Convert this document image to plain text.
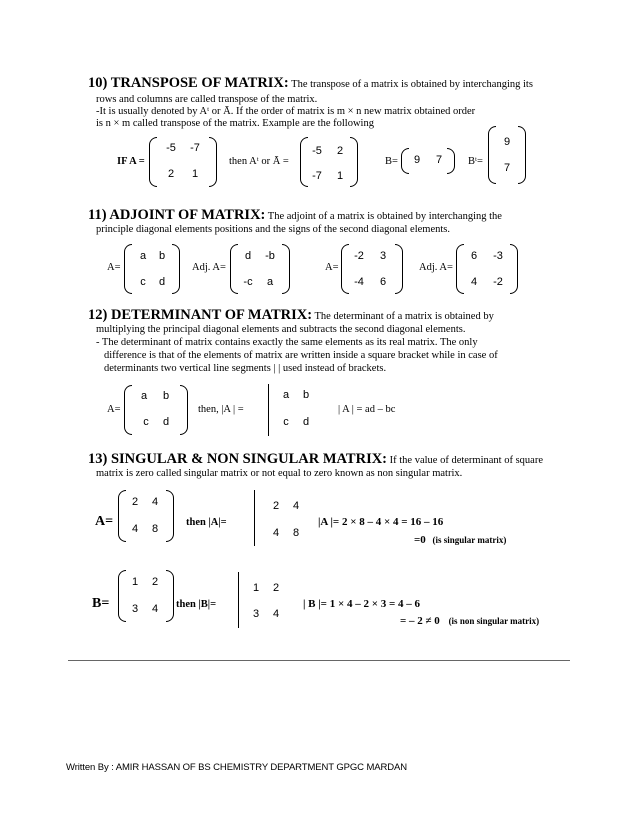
10) TRANSPOSE OF MATRIX: The transpose of a matrix is obtained by interchanging its
rows and columns are called transpose of the matrix.
-It is usually denoted by Aᵗ or Ā. If the order of matrix is m × n new matrix obtained order
is n × m called transpose of the matrix. Example are the following
IF A =
-5	-7
2	1
then Aᵗ or Ā =
-5	2
-7	1
B=	9	7	Bᵗ=
9
7
11) ADJOINT OF MATRIX: The adjoint of a matrix is obtained by interchanging the
principle diagonal elements positions and the signs of the second diagonal elements.
A=
a	b
c	d
Adj. A=
d	-b
-c	a
A=
-2	3
-4	6
Adj. A=
6	-3
4	-2
12) DETERMINANT OF MATRIX: The determinant of a matrix is obtained by
multiplying the principal diagonal elements and subtracts the second diagonal elements.
- The determinant of matrix contains exactly the same elements as its real matrix. The only
difference is that of the elements of matrix are written inside a square bracket while in case of
determinants two vertical line segments | | used instead of brackets.
A=
a	b
c	d
then, |A | =
a	b
c	d
| A | = ad – bc
13) SINGULAR & NON SINGULAR MATRIX: If the value of determinant of square
matrix is zero called singular matrix or not equal to zero known as non singular matrix.
A=
2	4
4	8
then |A|=
2	4
4	8
|A |= 2 × 8 – 4 × 4 = 16 – 16
=0 (is singular matrix)
B=
1	2
3	4	then |B|=
1	2
3	4
| B |= 1 × 4 – 2 × 3 = 4 – 6
= – 2 ≠ 0 (is non singular matrix)
Written By : AMIR HASSAN OF BS CHEMISTRY DEPARTMENT GPGC MARDAN
